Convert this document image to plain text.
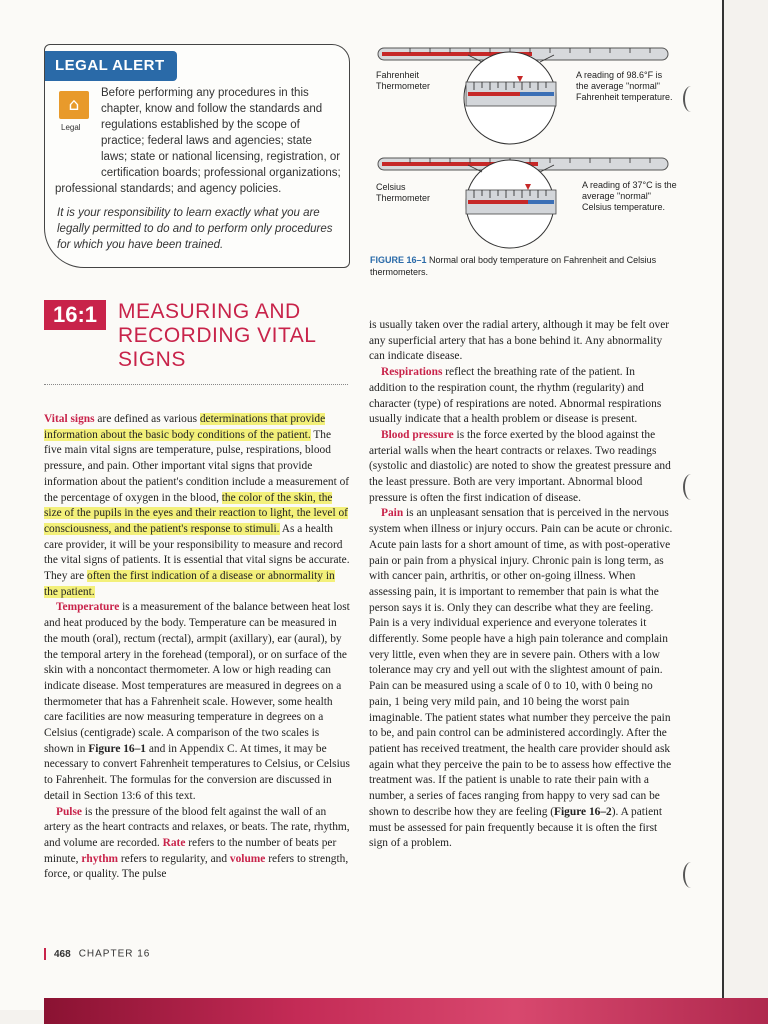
LEGAL ALERT
⌂
Legal
Before performing any procedures in this chapter, know and follow the standards and regulations established by the scope of practice; federal laws and agencies; state laws; state or national licensing, registration, or certification boards; professional organizations; professional standards; and agency policies.
It is your responsibility to learn exactly what you are legally permitted to do and to perform only procedures for which you have been trained.
Fahrenheit Thermometer
A reading of 98.6°F is the average "normal" Fahrenheit temperature.
Celsius Thermometer
A reading of 37°C is the average "normal" Celsius temperature.
FIGURE 16–1 Normal oral body temperature on Fahrenheit and Celsius thermometers.
16:1 MEASURING AND RECORDING VITAL SIGNS

Vital signs are defined as various determinations that provide information about the basic body conditions of the patient. The five main vital signs are temperature, pulse, respirations, blood pressure, and pain. Other important vital signs that provide information about the patient's condition include a measurement of the percentage of oxygen in the blood, the color of the skin, the size of the pupils in the eyes and their reaction to light, the level of consciousness, and the patient's response to stimuli. As a health care provider, it will be your responsibility to measure and record the vital signs of patients. It is essential that vital signs be accurate. They are often the first indication of a disease or abnormality in the patient.

Temperature is a measurement of the balance between heat lost and heat produced by the body. Temperature can be measured in the mouth (oral), rectum (rectal), armpit (axillary), ear (aural), by the temporal artery in the forehead (temporal), or on surface of the skin with a noncontact thermometer. A low or high reading can indicate disease. Most temperatures are measured in degrees on a thermometer that has a Fahrenheit scale. However, some health care facilities are now measuring temperature in degrees on a Celsius (centigrade) scale. A comparison of the two scales is shown in Figure 16–1 and in Appendix C. At times, it may be necessary to convert Fahrenheit temperatures to Celsius, or Celsius to Fahrenheit. The formulas for the conversion are discussed in detail in Section 13:6 of this text.

Pulse is the pressure of the blood felt against the wall of an artery as the heart contracts and relaxes, or beats. The rate, rhythm, and volume are recorded. Rate refers to the number of beats per minute, rhythm refers to regularity, and volume refers to strength, force, or quality. The pulse

is usually taken over the radial artery, although it may be felt over any superficial artery that has a bone behind it. Any abnormality can indicate disease.

Respirations reflect the breathing rate of the patient. In addition to the respiration count, the rhythm (regularity) and character (type) of respirations are noted. Abnormal respirations usually indicate that a health problem or disease is present.

Blood pressure is the force exerted by the blood against the arterial walls when the heart contracts or relaxes. Two readings (systolic and diastolic) are noted to show the greatest pressure and the least pressure. Both are very important. Abnormal blood pressure is often the first indication of disease.

Pain is an unpleasant sensation that is perceived in the nervous system when illness or injury occurs. Pain can be acute or chronic. Acute pain lasts for a short amount of time, as with post-operative pain or pain from a physical injury. Chronic pain is long term, as with cancer pain, arthritis, or other on-going illness. When assessing pain, it is important to remember that pain is what the person says it is. Only they can describe what they are feeling. Pain is a very individual experience and everyone tolerates it differently. Some people have a high pain tolerance and complain very little, even when they are in severe pain. Others with a low tolerance may cry and yell out with the slightest amount of pain. Pain can be measured using a scale of 0 to 10, with 0 being no pain, 1 being very mild pain, and 10 being the worst pain imaginable. The patient states what number they perceive the pain to be, and pain control can be administered accordingly. After the patient has received treatment, the health care provider should ask again what they perceive the pain to be to assess how effective the treatment was. If the patient is unable to rate their pain with a number, a series of faces ranging from happy to very sad can be shown to describe how they are feeling (Figure 16–2). A patient must be assessed for pain frequently because it is often the first sign of a problem.

468 CHAPTER 16
